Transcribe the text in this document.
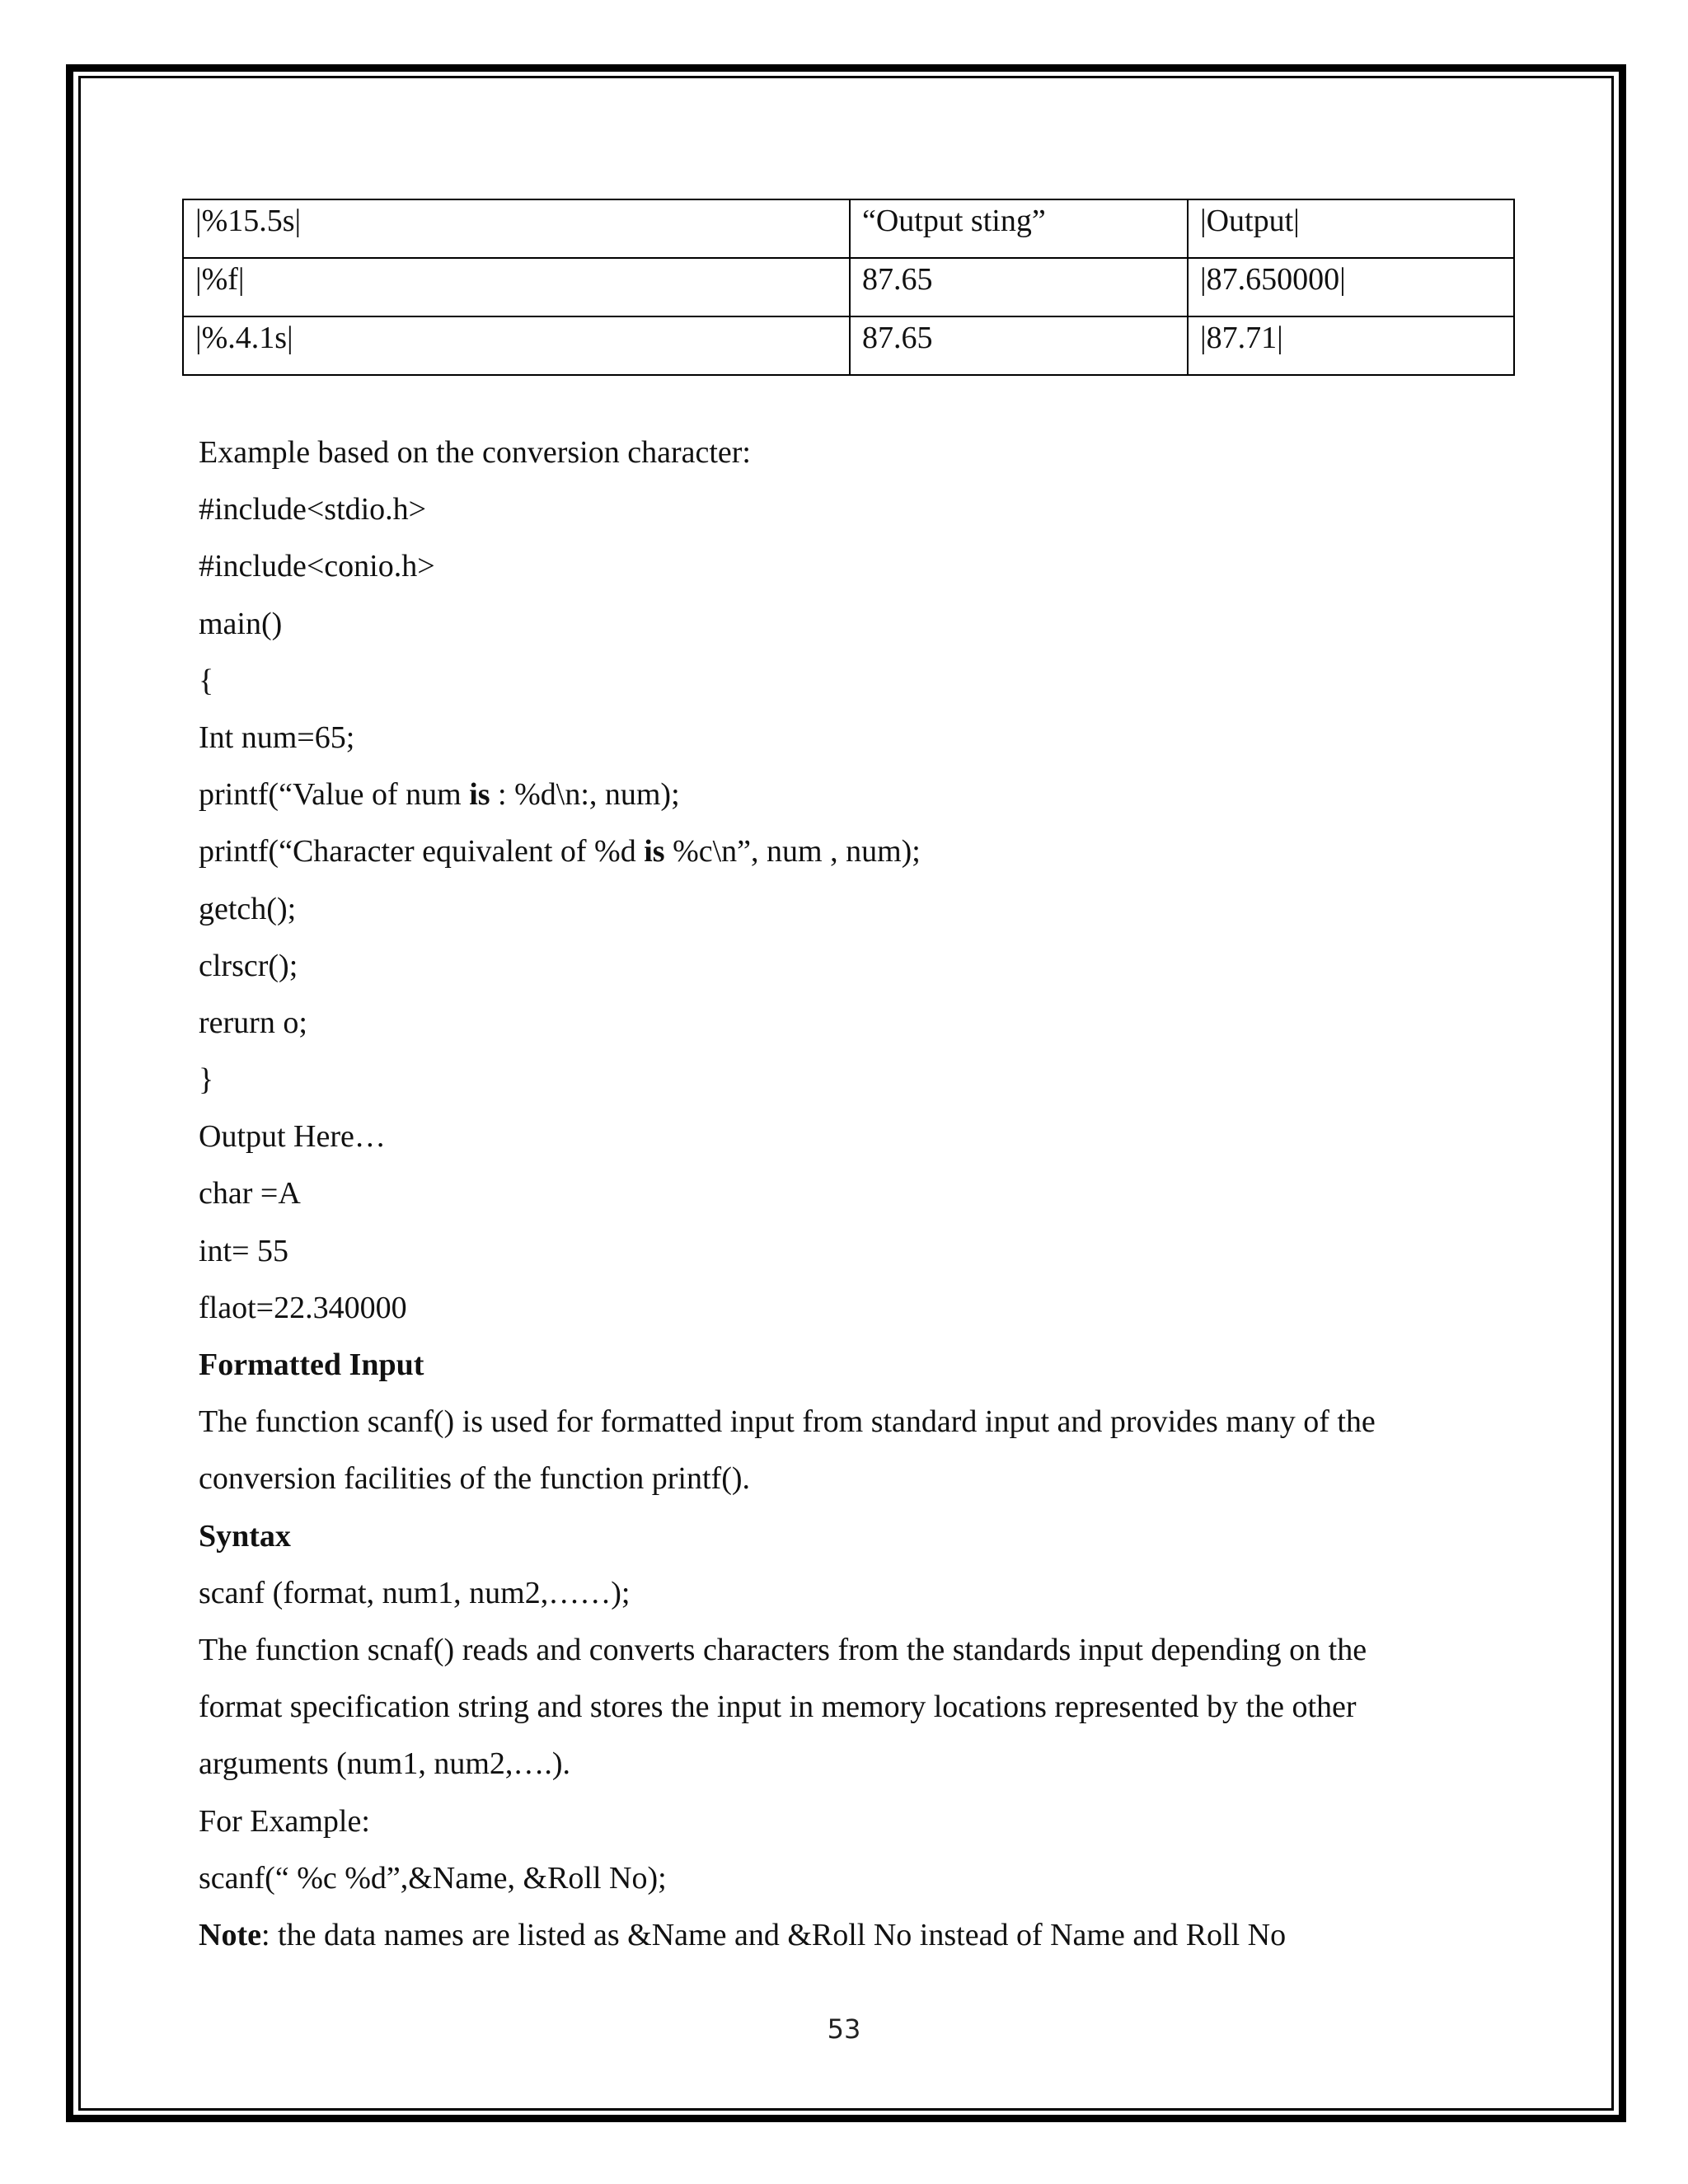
|%15.5s|	“Output sting”	|Output|
|%f|	87.65	|87.650000|
|%.4.1s|	87.65	|87.71|
Example based on the conversion character:
#include<stdio.h>
#include<conio.h>
main()
{
Int num=65;
printf(“Value of num is : %d\n:, num);
printf(“Character equivalent of %d is %c\n”, num , num);
getch();
clrscr();
rerurn o;
}
Output Here…
char =A
int= 55
flaot=22.340000
Formatted Input
The function scanf() is used for formatted input from standard input and provides many of the
conversion facilities of the function printf().
Syntax
scanf (format, num1, num2,……);
The function scnaf() reads and converts characters from the standards input depending on the
format specification string and stores the input in memory locations represented by the other
arguments (num1, num2,….).
For Example:
scanf(“ %c %d”,&Name, &Roll No);
Note: the data names are listed as &Name and &Roll No instead of Name and Roll No
53
